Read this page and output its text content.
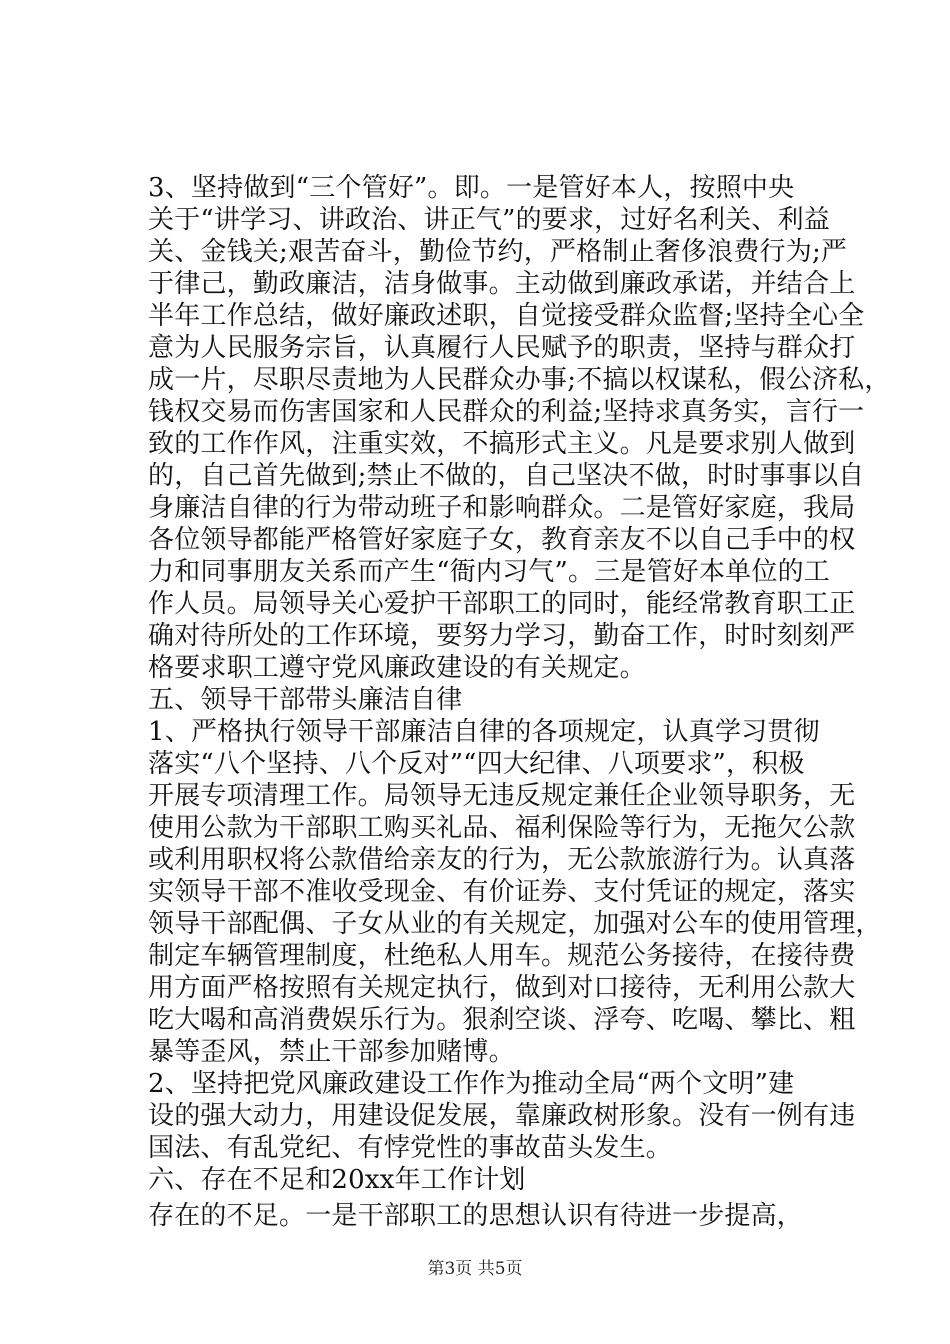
3、坚持做到“三个管好”。即。一是管好本人，按照中央
关于“讲学习、讲政治、讲正气”的要求，过好名利关、利益
关、金钱关;艰苦奋斗，勤俭节约，严格制止奢侈浪费行为;严
于律己，勤政廉洁，洁身做事。主动做到廉政承诺，并结合上
半年工作总结，做好廉政述职，自觉接受群众监督;坚持全心全
意为人民服务宗旨，认真履行人民赋予的职责，坚持与群众打
成一片，尽职尽责地为人民群众办事;不搞以权谋私，假公济私，
钱权交易而伤害国家和人民群众的利益;坚持求真务实，言行一
致的工作作风，注重实效，不搞形式主义。凡是要求别人做到
的，自己首先做到;禁止不做的，自己坚决不做，时时事事以自
身廉洁自律的行为带动班子和影响群众。二是管好家庭，我局
各位领导都能严格管好家庭子女，教育亲友不以自己手中的权
力和同事朋友关系而产生“衙内习气”。三是管好本单位的工
作人员。局领导关心爱护干部职工的同时，能经常教育职工正
确对待所处的工作环境，要努力学习，勤奋工作，时时刻刻严
格要求职工遵守党风廉政建设的有关规定。
五、领导干部带头廉洁自律
1、严格执行领导干部廉洁自律的各项规定，认真学习贯彻
落实“八个坚持、八个反对”“四大纪律、八项要求”，积极
开展专项清理工作。局领导无违反规定兼任企业领导职务，无
使用公款为干部职工购买礼品、福利保险等行为，无拖欠公款
或利用职权将公款借给亲友的行为，无公款旅游行为。认真落
实领导干部不准收受现金、有价证券、支付凭证的规定，落实
领导干部配偶、子女从业的有关规定，加强对公车的使用管理，
制定车辆管理制度，杜绝私人用车。规范公务接待，在接待费
用方面严格按照有关规定执行，做到对口接待，无利用公款大
吃大喝和高消费娱乐行为。狠刹空谈、浮夸、吃喝、攀比、粗
暴等歪风，禁止干部参加赌博。
2、坚持把党风廉政建设工作作为推动全局“两个文明”建
设的强大动力，用建设促发展，靠廉政树形象。没有一例有违
国法、有乱党纪、有悖党性的事故苗头发生。
六、存在不足和20xx年工作计划
存在的不足。一是干部职工的思想认识有待进一步提高，
第3页 共5页
